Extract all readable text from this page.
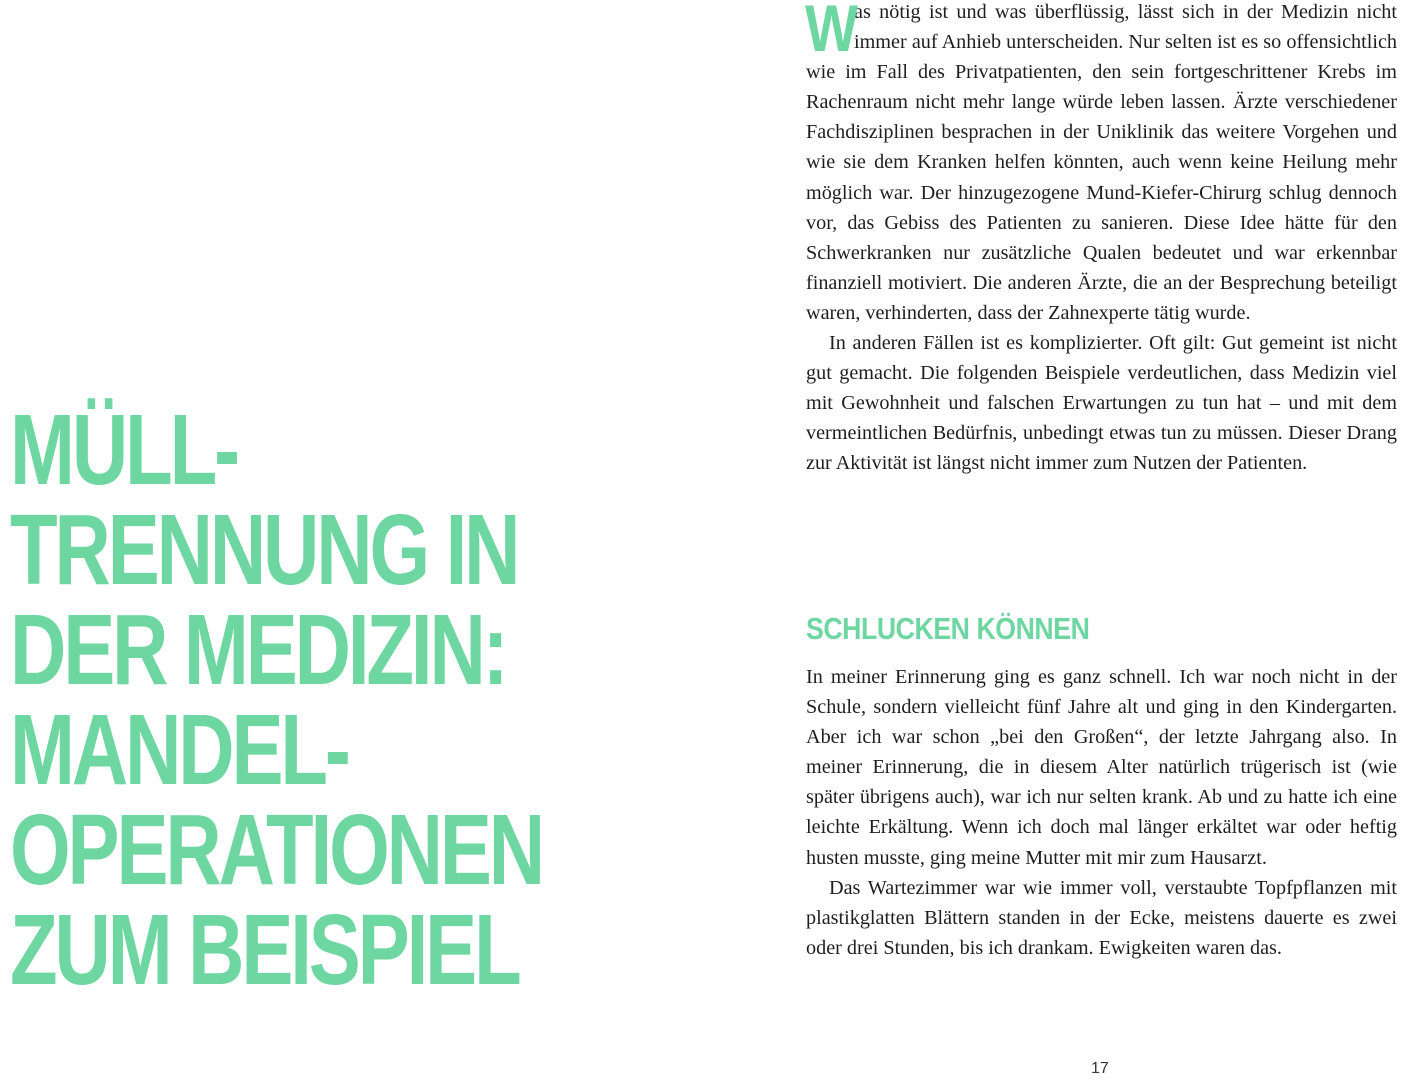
MÜLL-
TRENNUNG IN
DER MEDIZIN:
MANDEL-
OPERATIONEN
ZUM BEISPIEL

W
as nötig ist und was überflüssig, lässt sich in der Medizin nicht immer auf Anhieb unterscheiden. Nur selten ist es so offensichtlich wie im Fall des Privatpatienten, den sein fortgeschrittener Krebs im Rachenraum nicht mehr lange würde leben lassen. Ärzte verschiedener Fachdisziplinen besprachen in der Uniklinik das weitere Vorgehen und wie sie dem Kranken helfen könnten, auch wenn keine Heilung mehr möglich war. Der hinzugezogene Mund-Kiefer-Chirurg schlug dennoch vor, das Gebiss des Patienten zu sanieren. Diese Idee hätte für den Schwerkranken nur zusätzliche Qualen bedeutet und war erkennbar finanziell motiviert. Die anderen Ärzte, die an der Besprechung beteiligt waren, verhinderten, dass der Zahnexperte tätig wurde.

In anderen Fällen ist es komplizierter. Oft gilt: Gut gemeint ist nicht gut gemacht. Die folgenden Beispiele verdeutlichen, dass Medizin viel mit Gewohnheit und falschen Erwartungen zu tun hat – und mit dem vermeintlichen Bedürfnis, unbedingt etwas tun zu müssen. Dieser Drang zur Aktivität ist längst nicht immer zum Nutzen der Patienten.

SCHLUCKEN KÖNNEN

In meiner Erinnerung ging es ganz schnell. Ich war noch nicht in der Schule, sondern vielleicht fünf Jahre alt und ging in den Kindergarten. Aber ich war schon „bei den Großen“, der letzte Jahrgang also. In meiner Erinnerung, die in diesem Alter natürlich trügerisch ist (wie später übrigens auch), war ich nur selten krank. Ab und zu hatte ich eine leichte Erkältung. Wenn ich doch mal länger erkältet war oder heftig husten musste, ging meine Mutter mit mir zum Hausarzt.

Das Wartezimmer war wie immer voll, verstaubte Topfpflanzen mit plastikglatten Blättern standen in der Ecke, meistens dauerte es zwei oder drei Stunden, bis ich drankam. Ewigkeiten waren das.

17
